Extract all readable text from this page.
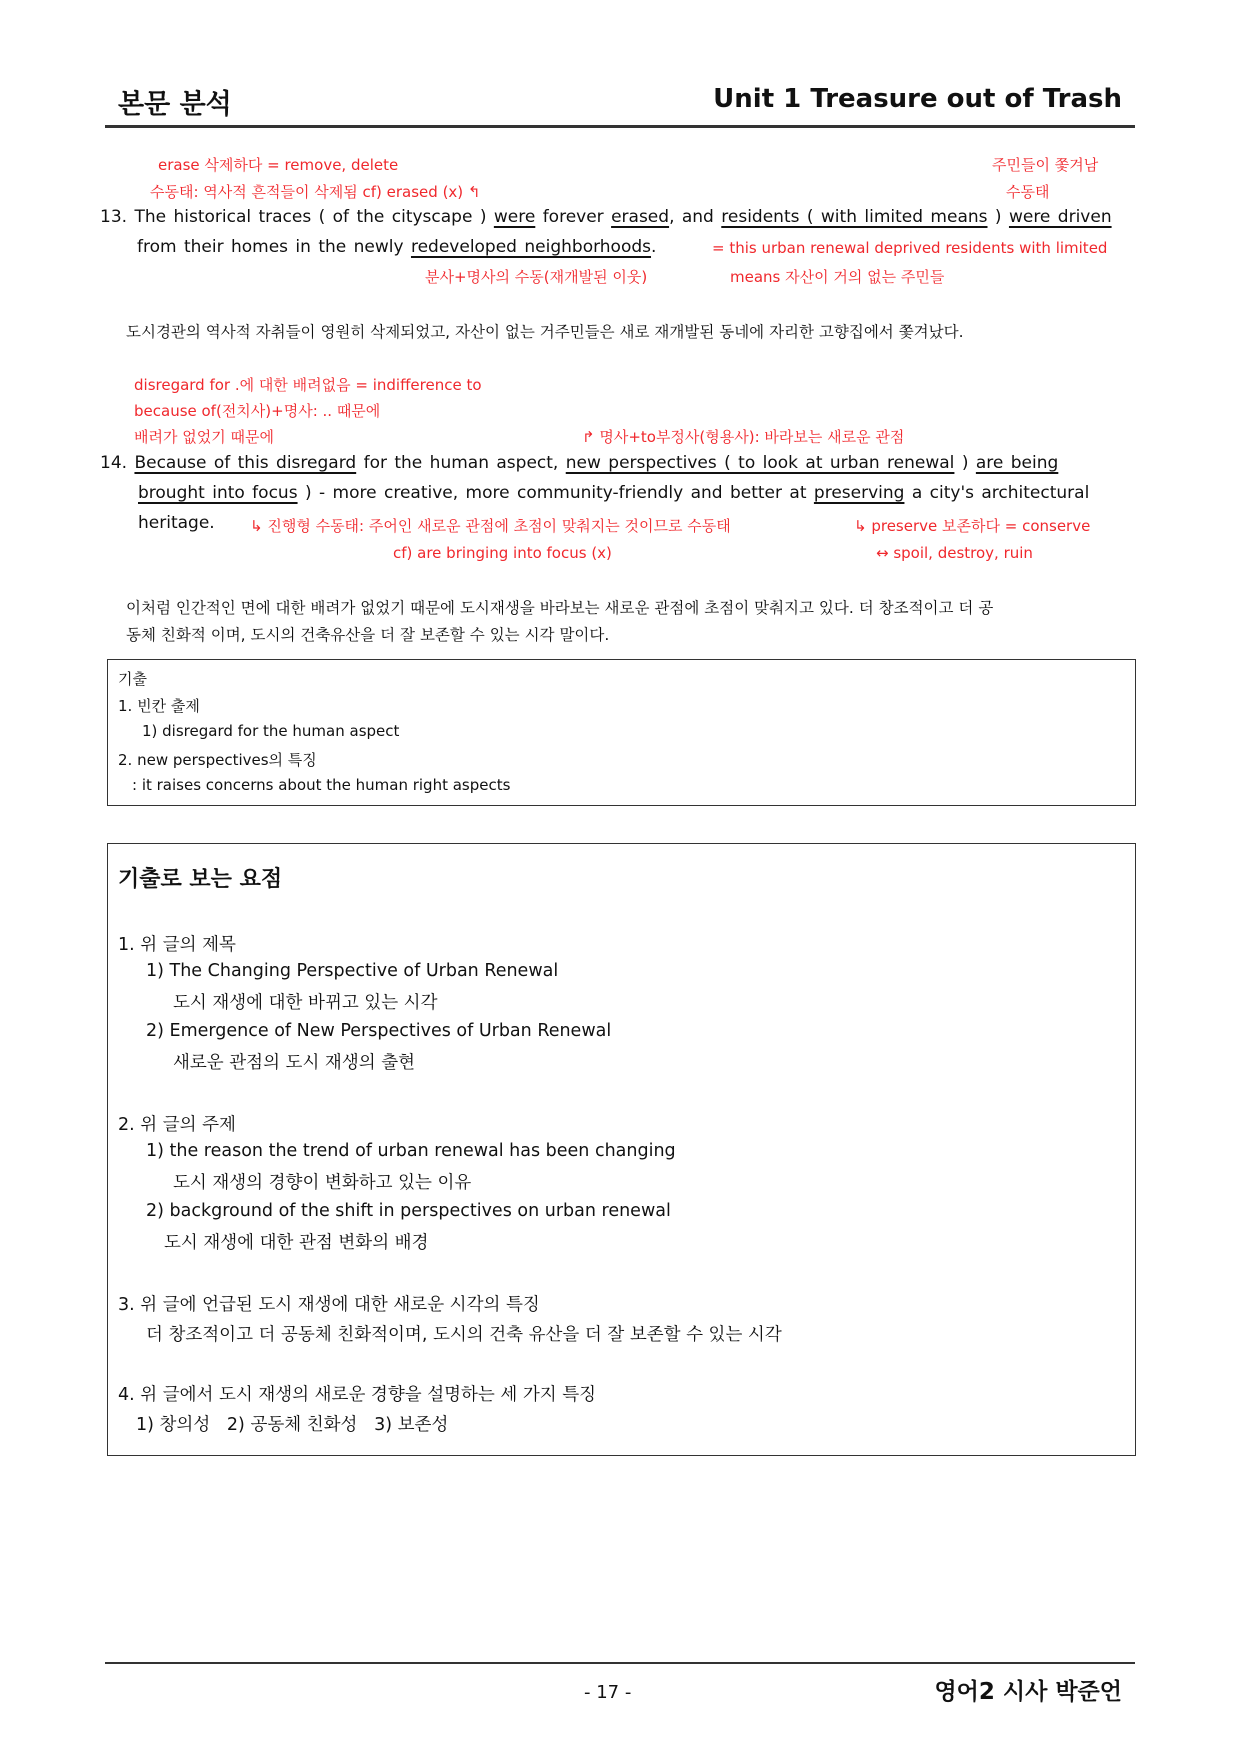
본문 분석	Unit 1 Treasure out of Trash
erase 삭제하다 = remove, delete
수동태: 역사적 흔적들이 삭제됨 cf) erased (x) ↰
주민들이 쫓겨남
수동태
13. The historical traces ( of the cityscape ) were forever erased, and residents ( with limited means ) were driven
from their homes in the newly redeveloped neighborhoods.	= this urban renewal deprived residents with limited
분사+명사의 수동(재개발된 이웃)	means 자산이 거의 없는 주민들
도시경관의 역사적 자취들이 영원히 삭제되었고, 자산이 없는 거주민들은 새로 재개발된 동네에 자리한 고향집에서 쫓겨났다.
disregard for .에 대한 배려없음 = indifference to
because of(전치사)+명사: .. 때문에
배려가 없었기 때문에	↱ 명사+to부정사(형용사): 바라보는 새로운 관점
14. Because of this disregard for the human aspect, new perspectives ( to look at urban renewal ) are being
brought into focus ) - more creative, more community-friendly and better at preserving a city's architectural
heritage. ↳ 진행형 수동태: 주어인 새로운 관점에 초점이 맞춰지는 것이므로 수동태	↳ preserve 보존하다 = conserve
cf) are bringing into focus (x)	↔ spoil, destroy, ruin
이처럼 인간적인 면에 대한 배려가 없었기 때문에 도시재생을 바라보는 새로운 관점에 초점이 맞춰지고 있다. 더 창조적이고 더 공
동체 친화적 이며, 도시의 건축유산을 더 잘 보존할 수 있는 시각 말이다.
기출
1. 빈칸 출제
1) disregard for the human aspect
2. new perspectives의 특징
: it raises concerns about the human right aspects
기출로 보는 요점
1. 위 글의 제목
1) The Changing Perspective of Urban Renewal
도시 재생에 대한 바뀌고 있는 시각
2) Emergence of New Perspectives of Urban Renewal
새로운 관점의 도시 재생의 출현
2. 위 글의 주제
1) the reason the trend of urban renewal has been changing
도시 재생의 경향이 변화하고 있는 이유
2) background of the shift in perspectives on urban renewal
도시 재생에 대한 관점 변화의 배경
3. 위 글에 언급된 도시 재생에 대한 새로운 시각의 특징
더 창조적이고 더 공동체 친화적이며, 도시의 건축 유산을 더 잘 보존할 수 있는 시각
4. 위 글에서 도시 재생의 새로운 경향을 설명하는 세 가지 특징
1) 창의성   2) 공동체 친화성   3) 보존성
- 17 -	영어2 시사 박준언
